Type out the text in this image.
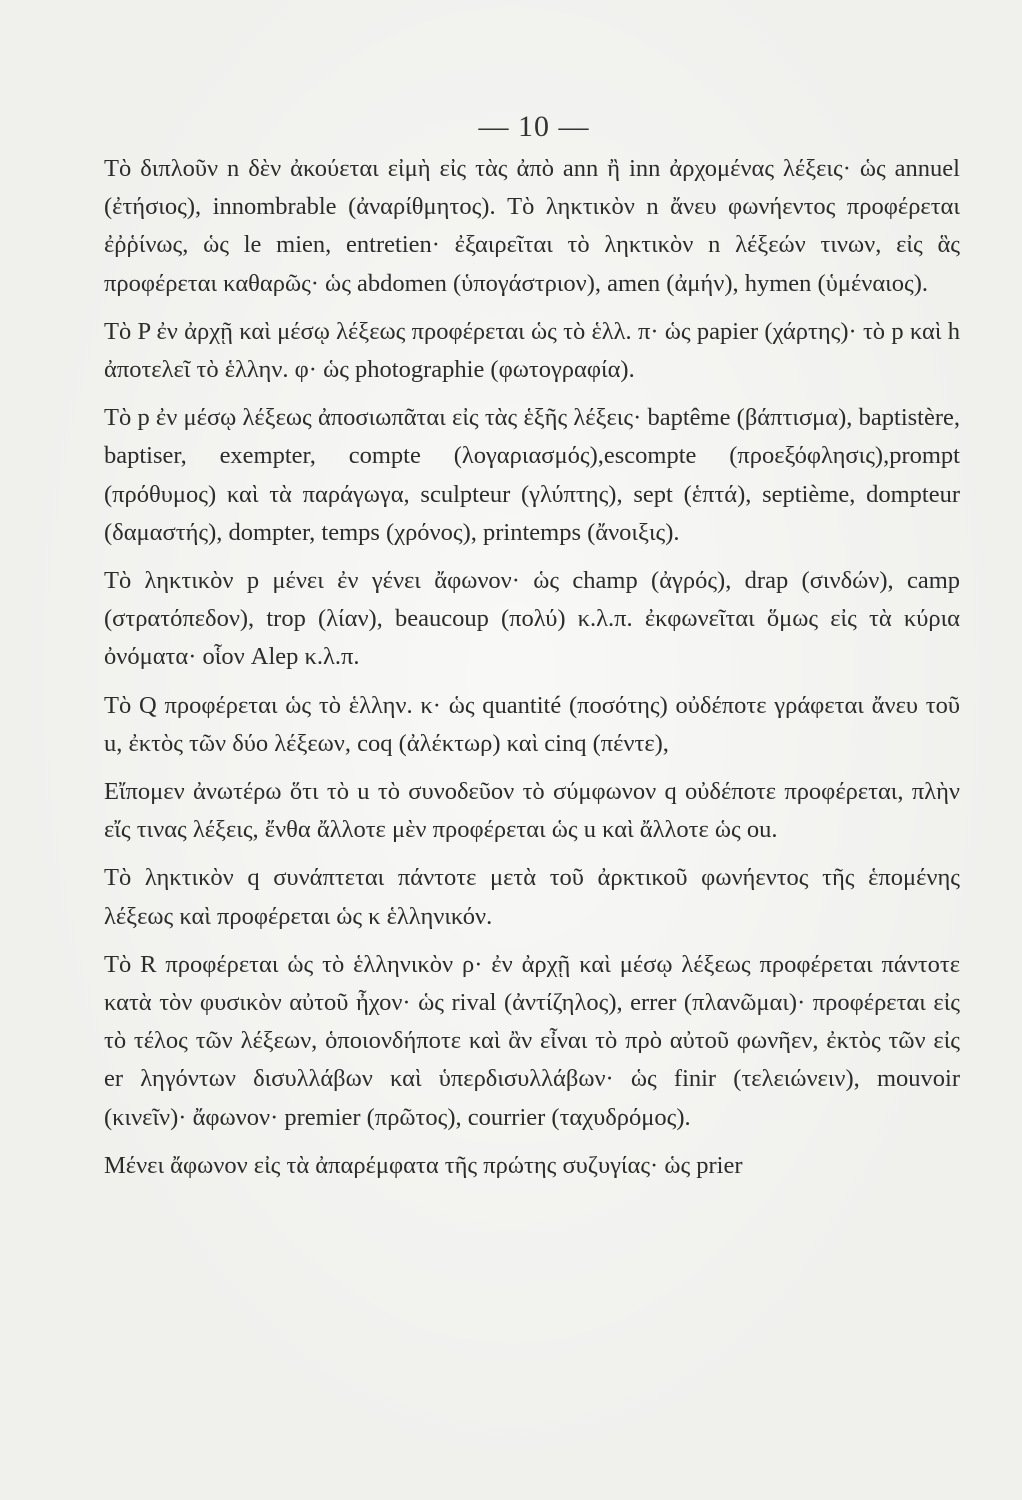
— 10 —

Τὸ διπλοῦν n δὲν ἀκούεται εἰμὴ εἰς τὰς ἀπὸ ann ἢ inn ἀρχομένας λέξεις· ὡς annuel (ἐτήσιος), innombrable (ἀναρίθμητος). Τὸ ληκτικὸν n ἄνευ φωνήεντος προφέρεται ἐῤῥίνως, ὡς le mien, entretien· ἐξαιρεῖται τὸ ληκτικὸν n λέξεών τινων, εἰς ἃς προφέρεται καθαρῶς· ὡς abdomen (ὑπογάστριον), amen (ἀμήν), hymen (ὑμέναιος).

Τὸ P ἐν ἀρχῇ καὶ μέσῳ λέξεως προφέρεται ὡς τὸ ἑλλ. π· ὡς papier (χάρτης)· τὸ p καὶ h ἀποτελεῖ τὸ ἑλλην. φ· ὡς photographie (φωτογραφία).

Τὸ p ἐν μέσῳ λέξεως ἀποσιωπᾶται εἰς τὰς ἑξῆς λέξεις· baptême (βάπτισμα), baptistère, baptiser, exempter, compte (λογαριασμός),escompte (προεξόφλησις),prompt (πρόθυμος) καὶ τὰ παράγωγα, sculpteur (γλύπτης), sept (ἑπτά), septième, dompteur (δαμαστής), dompter, temps (χρόνος), printemps (ἄνοιξις).

Τὸ ληκτικὸν p μένει ἐν γένει ἄφωνον· ὡς champ (ἀγρός), drap (σινδών), camp (στρατόπεδον), trop (λίαν), beaucoup (πολύ) κ.λ.π. ἐκφωνεῖται ὅμως εἰς τὰ κύρια ὀνόματα· οἷον Alep κ.λ.π.

Τὸ Q προφέρεται ὡς τὸ ἑλλην. κ· ὡς quantité (ποσότης) οὐδέποτε γράφεται ἄνευ τοῦ u, ἐκτὸς τῶν δύο λέξεων, coq (ἀλέκτωρ) καὶ cinq (πέντε),

Εἴπομεν ἀνωτέρω ὅτι τὸ u τὸ συνοδεῦον τὸ σύμφωνον q οὐδέποτε προφέρεται, πλὴν εἴς τινας λέξεις, ἔνθα ἄλλοτε μὲν προφέρεται ὡς u καὶ ἄλλοτε ὡς ou.

Τὸ ληκτικὸν q συνάπτεται πάντοτε μετὰ τοῦ ἀρκτικοῦ φωνήεντος τῆς ἑπομένης λέξεως καὶ προφέρεται ὡς κ ἑλληνικόν.

Τὸ R προφέρεται ὡς τὸ ἑλληνικὸν ρ· ἐν ἀρχῇ καὶ μέσῳ λέξεως προφέρεται πάντοτε κατὰ τὸν φυσικὸν αὐτοῦ ἦχον· ὡς rival (ἀντίζηλος), errer (πλανῶμαι)· προφέρεται εἰς τὸ τέλος τῶν λέξεων, ὁποιονδήποτε καὶ ἂν εἶναι τὸ πρὸ αὐτοῦ φωνῆεν, ἐκτὸς τῶν εἰς er ληγόντων δισυλλάβων καὶ ὑπερδισυλλάβων· ὡς finir (τελειώνειν), mouvoir (κινεῖν)· ἄφωνον· premier (πρῶτος), courrier (ταχυδρόμος).

Μένει ἄφωνον εἰς τὰ ἀπαρέμφατα τῆς πρώτης συζυγίας· ὡς prier
